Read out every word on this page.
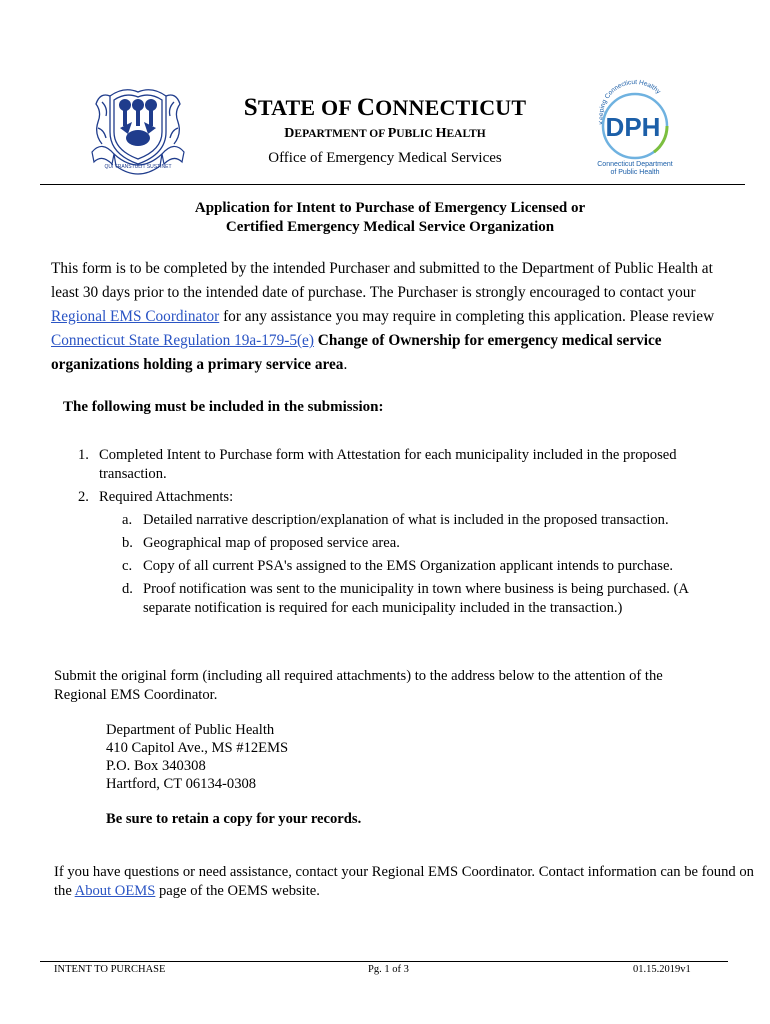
QUI TRANSTULIT SUSTINET
Keeping Connecticut Healthy
DPH
Connecticut Department
of Public Health
STATE OF CONNECTICUT
DEPARTMENT OF PUBLIC HEALTH
Office of Emergency Medical Services
Application for Intent to Purchase of Emergency Licensed or
Certified Emergency Medical Service Organization
This form is to be completed by the intended Purchaser and submitted to the Department of Public Health at least 30 days prior to the intended date of purchase. The Purchaser is strongly encouraged to contact your Regional EMS Coordinator for any assistance you may require in completing this application. Please review Connecticut State Regulation 19a-179-5(e) Change of Ownership for emergency medical service organizations holding a primary service area.
The following must be included in the submission:
1. Completed Intent to Purchase form with Attestation for each municipality included in the proposed transaction.
2. Required Attachments:
a. Detailed narrative description/explanation of what is included in the proposed transaction.
b. Geographical map of proposed service area.
c. Copy of all current PSA's assigned to the EMS Organization applicant intends to purchase.
d. Proof notification was sent to the municipality in town where business is being purchased. (A separate notification is required for each municipality included in the transaction.)
Submit the original form (including all required attachments) to the address below to the attention of the Regional EMS Coordinator.
Department of Public Health
410 Capitol Ave., MS #12EMS
P.O. Box 340308
Hartford, CT 06134-0308
Be sure to retain a copy for your records.
If you have questions or need assistance, contact your Regional EMS Coordinator. Contact information can be found on the About OEMS page of the OEMS website.
INTENT TO PURCHASE	Pg. 1 of 3	01.15.2019v1
